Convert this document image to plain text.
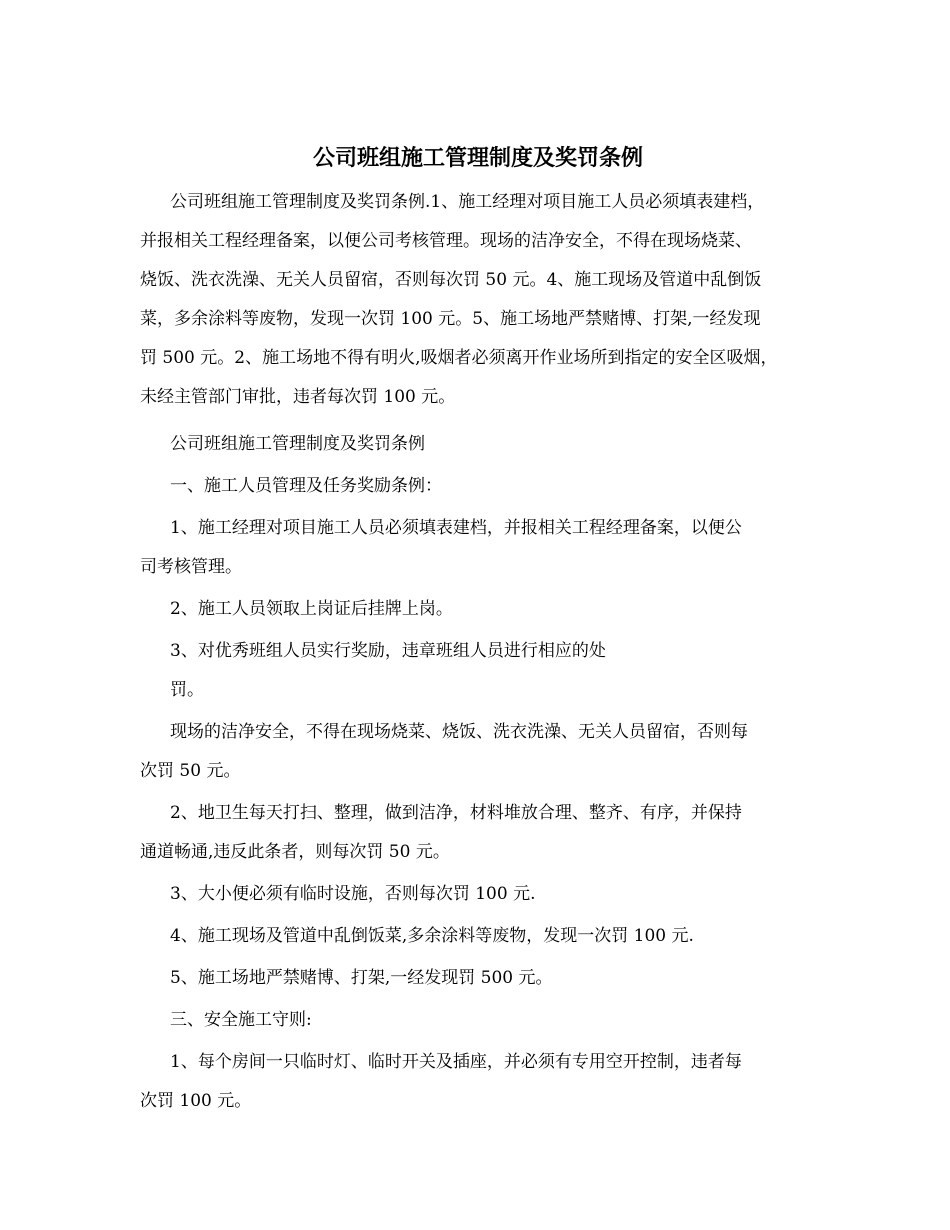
公司班组施工管理制度及奖罚条例
公司班组施工管理制度及奖罚条例.1、施工经理对项目施工人员必须填表建档，
并报相关工程经理备案，以便公司考核管理。现场的洁净安全，不得在现场烧菜、
烧饭、洗衣洗澡、无关人员留宿，否则每次罚 50 元。4、施工现场及管道中乱倒饭
菜，多余涂料等废物，发现一次罚 100 元。5、施工场地严禁赌博、打架,一经发现
罚 500 元。2、施工场地不得有明火,吸烟者必须离开作业场所到指定的安全区吸烟，
未经主管部门审批，违者每次罚 100 元。
公司班组施工管理制度及奖罚条例
一、施工人员管理及任务奖励条例：
1、施工经理对项目施工人员必须填表建档，并报相关工程经理备案，以便公
司考核管理。
2、施工人员领取上岗证后挂牌上岗。
3、对优秀班组人员实行奖励，违章班组人员进行相应的处
罚。
现场的洁净安全，不得在现场烧菜、烧饭、洗衣洗澡、无关人员留宿，否则每
次罚 50 元。
2、地卫生每天打扫、整理，做到洁净，材料堆放合理、整齐、有序，并保持
通道畅通,违反此条者，则每次罚 50 元。
3、大小便必须有临时设施，否则每次罚 100 元.
4、施工现场及管道中乱倒饭菜,多余涂料等废物，发现一次罚 100 元.
5、施工场地严禁赌博、打架,一经发现罚 500 元。
三、安全施工守则:
1、每个房间一只临时灯、临时开关及插座，并必须有专用空开控制，违者每
次罚 100 元。
